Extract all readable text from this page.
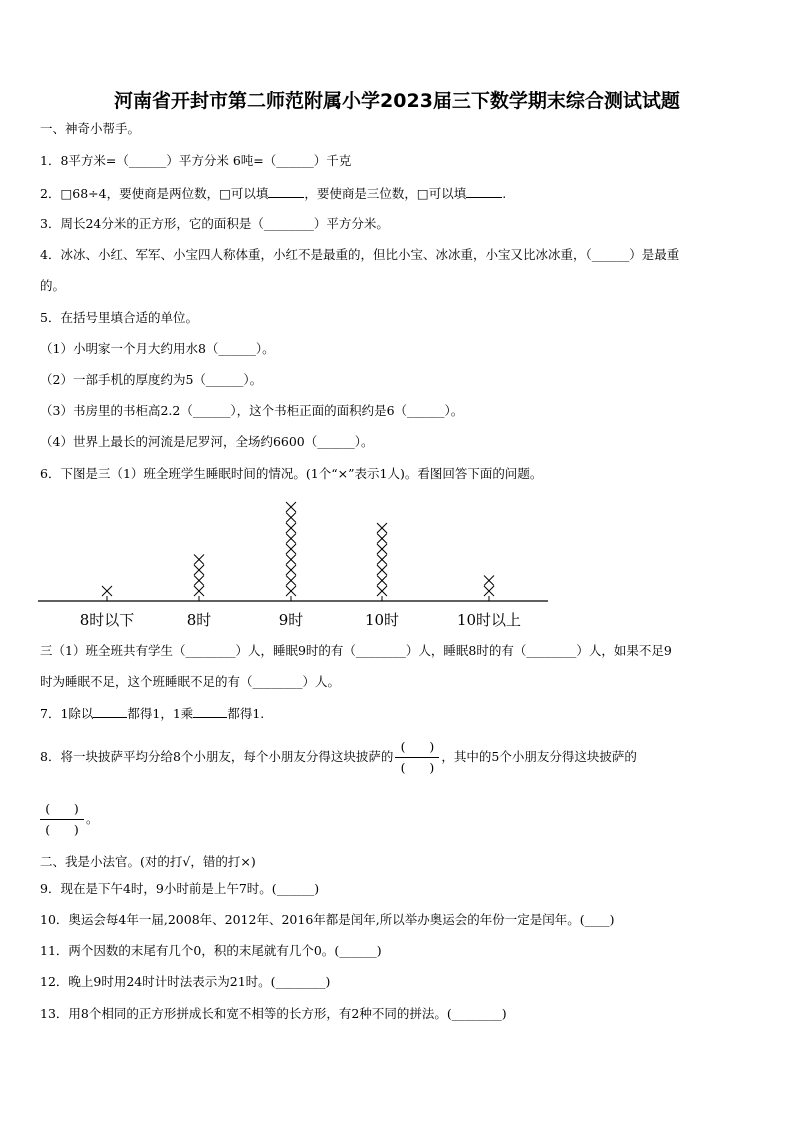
河南省开封市第二师范附属小学2023届三下数学期末综合测试试题
一、神奇小帮手。
1．8平方米=（______）平方分米 6吨=（______）千克
2．□68÷4，要使商是两位数，□可以填	，要使商是三位数，□可以填	.
3．周长24分米的正方形，它的面积是（________）平方分米。
4．冰冰、小红、军军、小宝四人称体重，小红不是最重的，但比小宝、冰冰重，小宝又比冰冰重，（______）是最重
的。
5．在括号里填合适的单位。
（1）小明家一个月大约用水8（______）。
（2）一部手机的厚度约为5（______）。
（3）书房里的书柜高2.2（______），这个书柜正面的面积约是6（______）。
（4）世界上最长的河流是尼罗河，全场约6600（______）。
6．下图是三（1）班全班学生睡眠时间的情况。(1个“×”表示1人)。看图回答下面的问题。
8时以下	8时	9时	10时	10时以上
三（1）班全班共有学生（________）人，睡眠9时的有（________）人，睡眠8时的有（________）人，如果不足9
时为睡眠不足，这个班睡眠不足的有（________）人。
7．1除以	都得1，1乘	都得1.
8．将一块披萨平均分给8个小朋友，每个小朋友分得这块披萨的 $\frac{( )}{( )}$ ，其中的5个小朋友分得这块披萨的
$\frac{( )}{( )}$ 。
二、我是小法官。(对的打√，错的打×)
9．现在是下午4时，9小时前是上午7时。(______)
10．奥运会每4年一届,2008年、2012年、2016年都是闰年,所以举办奥运会的年份一定是闰年。(____)
11．两个因数的末尾有几个0，积的末尾就有几个0。(______)
12．晚上9时用24时计时法表示为21时。(________)
13．用8个相同的正方形拼成长和宽不相等的长方形，有2种不同的拼法。(________)
